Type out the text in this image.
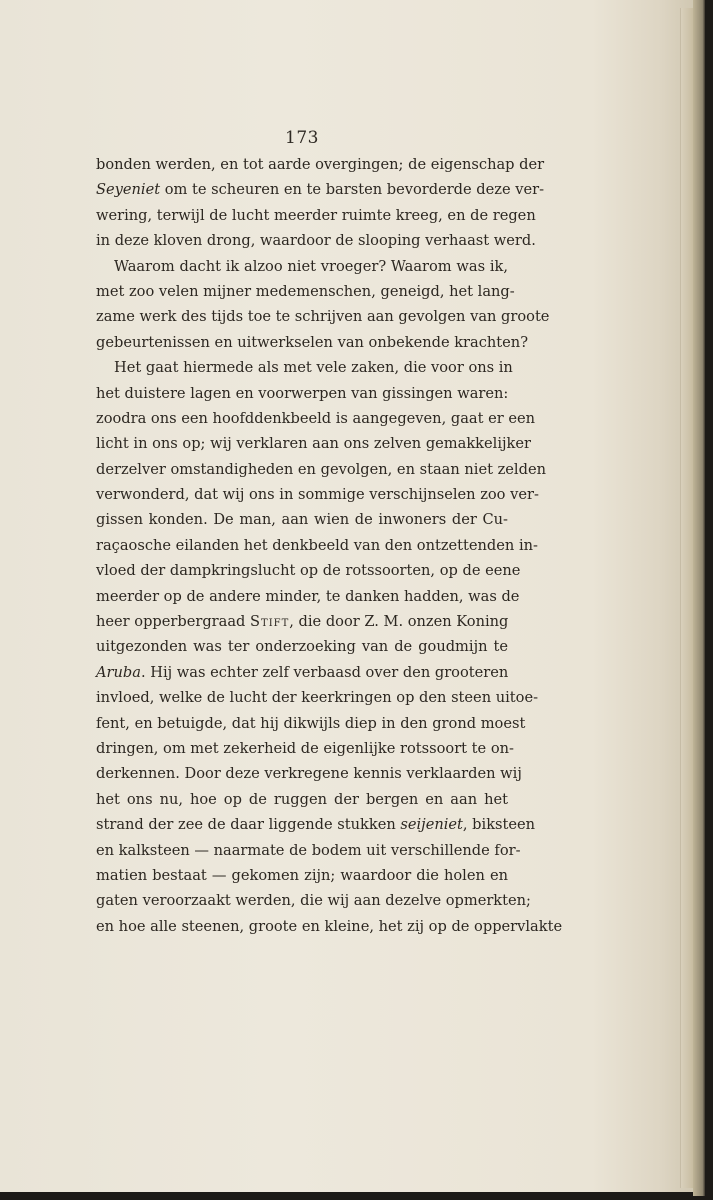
173
bonden werden, en tot aarde overgingen; de eigenschap der
Seyeniet om te scheuren en te barsten bevorderde deze ver-
wering, terwijl de lucht meerder ruimte kreeg, en de regen
in deze kloven drong, waardoor de slooping verhaast werd.
Waarom dacht ik alzoo niet vroeger? Waarom was ik,
met zoo velen mijner medemenschen, geneigd, het lang-
zame werk des tijds toe te schrijven aan gevolgen van groote
gebeurtenissen en uitwerkselen van onbekende krachten?
Het gaat hiermede als met vele zaken, die voor ons in
het duistere lagen en voorwerpen van gissingen waren:
zoodra ons een hoofddenkbeeld is aangegeven, gaat er een
licht in ons op; wij verklaren aan ons zelven gemakkelijker
derzelver omstandigheden en gevolgen, en staan niet zelden
verwonderd, dat wij ons in sommige verschijnselen zoo ver-
gissen konden. De man, aan wien de inwoners der Cu-
raçaosche eilanden het denkbeeld van den ontzettenden in-
vloed der dampkringslucht op de rotssoorten, op de eene
meerder op de andere minder, te danken hadden, was de
heer opperbergraad Stift, die door Z. M. onzen Koning
uitgezonden was ter onderzoeking van de goudmijn te
Aruba. Hij was echter zelf verbaasd over den grooteren
invloed, welke de lucht der keerkringen op den steen uitoe-
fent, en betuigde, dat hij dikwijls diep in den grond moest
dringen, om met zekerheid de eigenlijke rotssoort te on-
derkennen. Door deze verkregene kennis verklaarden wij
het ons nu, hoe op de ruggen der bergen en aan het
strand der zee de daar liggende stukken seijeniet, biksteen
en kalksteen — naarmate de bodem uit verschillende for-
matien bestaat — gekomen zijn; waardoor die holen en
gaten veroorzaakt werden, die wij aan dezelve opmerkten;
en hoe alle steenen, groote en kleine, het zij op de oppervlakte
